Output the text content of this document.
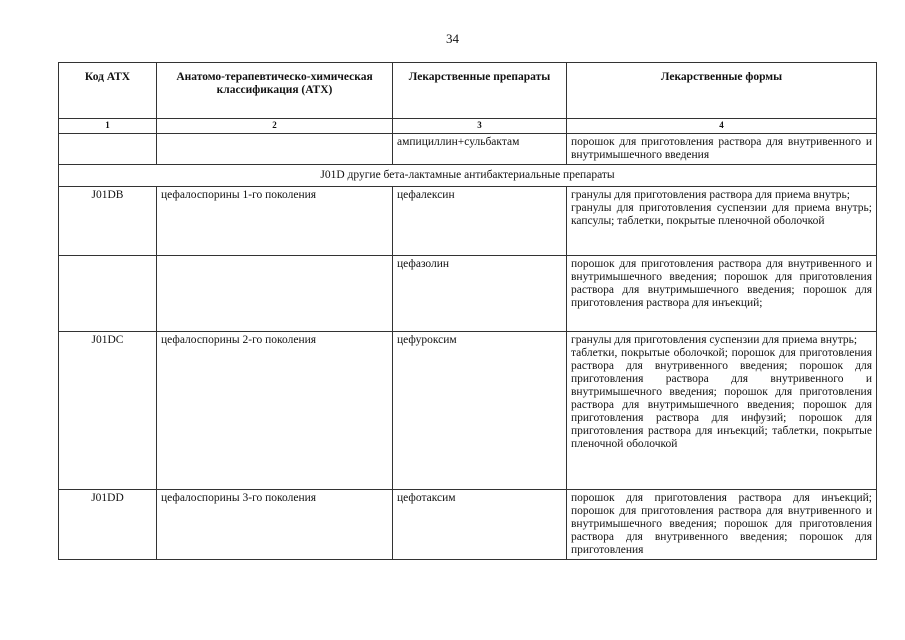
34
Код АТХ	Анатомо-терапевтическо-химическая классификация (АТХ)	Лекарственные препараты	Лекарственные формы
1	2	3	4
		ампициллин+сульбактам	порошок для приготовления раствора для внутривенного и внутримышечного введения

J01D другие бета-лактамные антибактериальные препараты			
J01DB	цефалоспорины 1-го поколения	цефалексин	гранулы для приготовления раствора для приема внутрь;
гранулы для приготовления суспензии для приема внутрь; капсулы; таблетки, покрытые пленочной оболочкой

		цефазолин	порошок для приготовления раствора для внутривенного и внутримышечного введения; порошок для приготовления раствора для внутримышечного введения; порошок для приготовления раствора для инъекций;

J01DC	цефалоспорины 2-го поколения	цефуроксим	гранулы для приготовления суспензии для приема внутрь;
таблетки, покрытые оболочкой; порошок для приготовления раствора для внутривенного введения; порошок для приготовления раствора для внутривенного и внутримышечного введения; порошок для приготовления раствора для внутримышечного введения; порошок для приготовления раствора для инфузий; порошок для приготовления раствора для инъекций; таблетки, покрытые пленочной оболочкой

J01DD	цефалоспорины 3-го поколения	цефотаксим	порошок для приготовления раствора для инъекций; порошок для приготовления раствора для внутривенного и внутримышечного введения; порошок для приготовления раствора для внутривенного введения; порошок для приготовления
